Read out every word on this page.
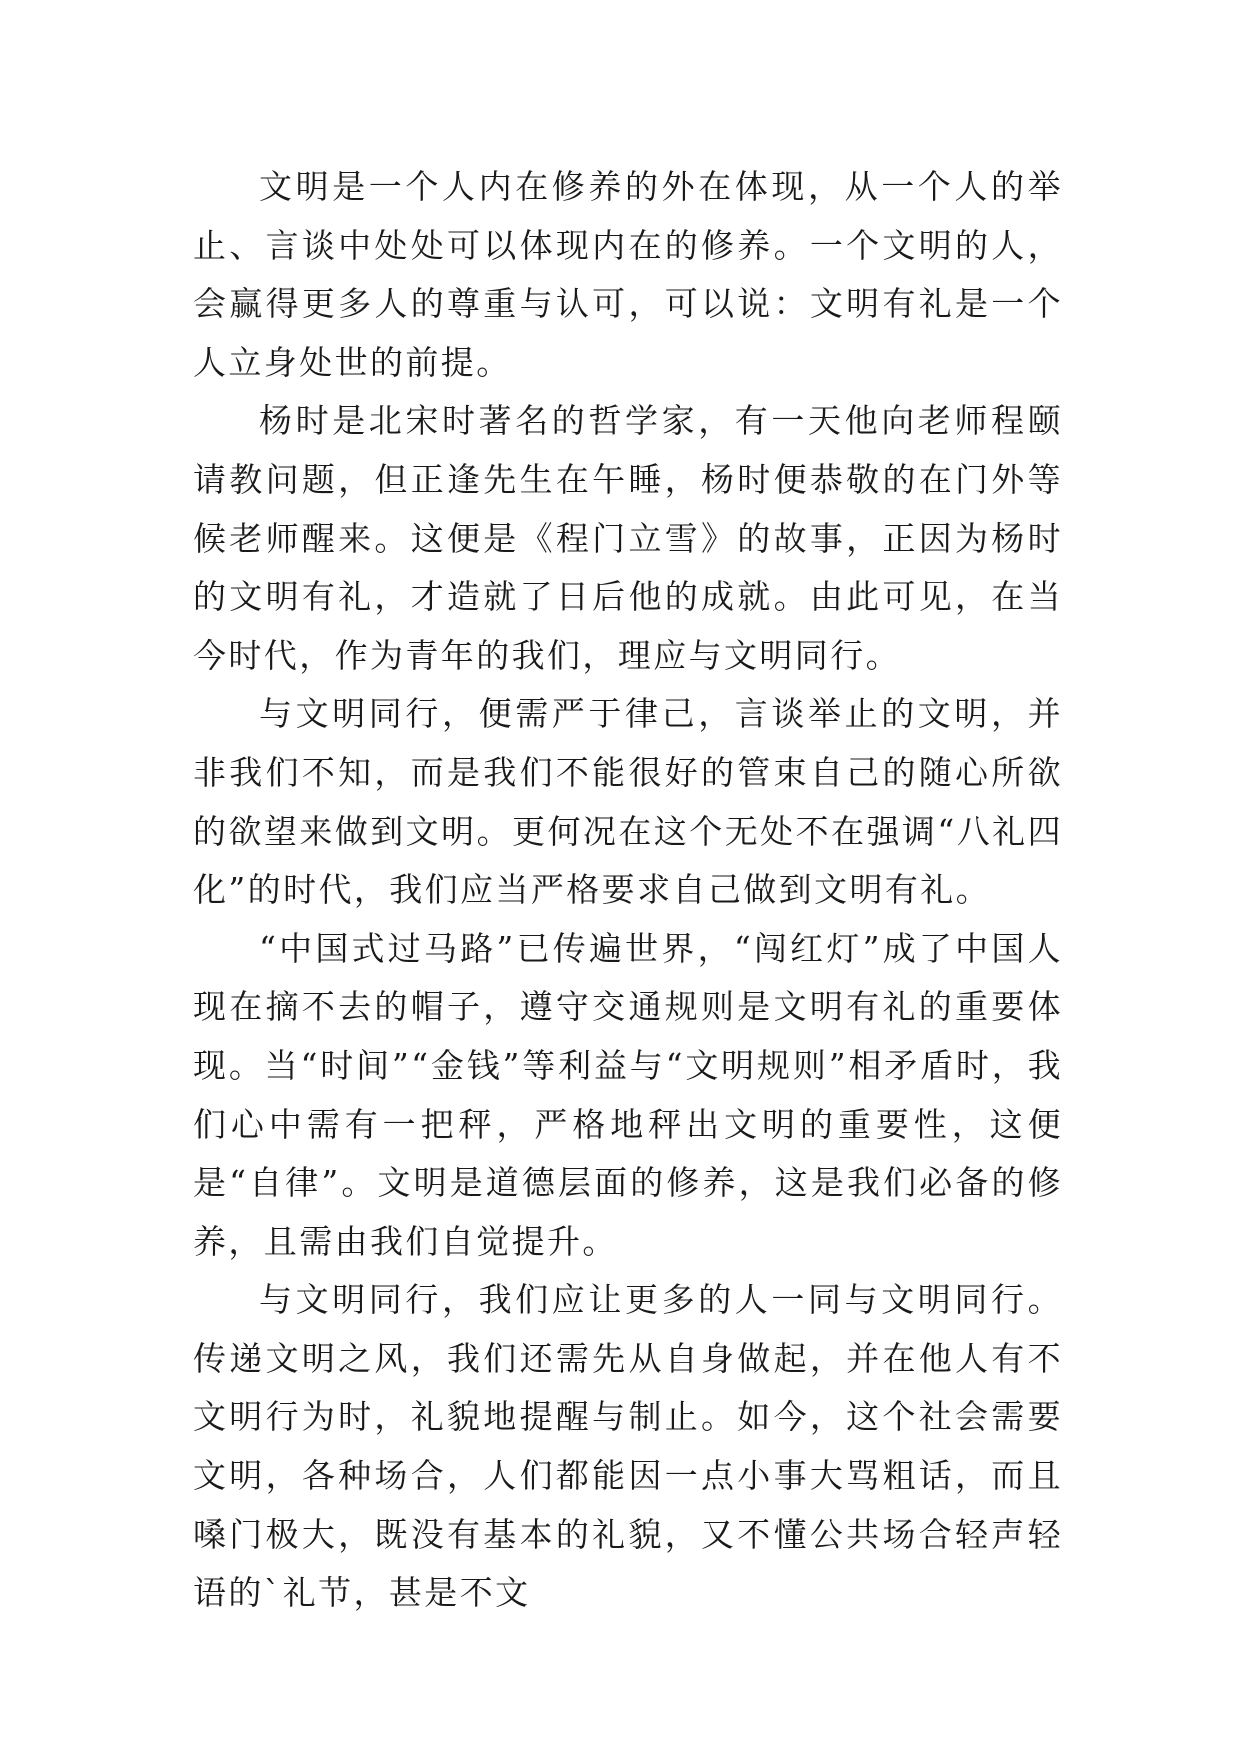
文明是一个人内在修养的外在体现，从一个人的举止、言谈中处处可以体现内在的修养。一个文明的人，会赢得更多人的尊重与认可，可以说：文明有礼是一个人立身处世的前提。

杨时是北宋时著名的哲学家，有一天他向老师程颐请教问题，但正逢先生在午睡，杨时便恭敬的在门外等候老师醒来。这便是《程门立雪》的故事，正因为杨时的文明有礼，才造就了日后他的成就。由此可见，在当今时代，作为青年的我们，理应与文明同行。

与文明同行，便需严于律己，言谈举止的文明，并非我们不知，而是我们不能很好的管束自己的随心所欲的欲望来做到文明。更何况在这个无处不在强调“八礼四化”的时代，我们应当严格要求自己做到文明有礼。

“中国式过马路”已传遍世界，“闯红灯”成了中国人现在摘不去的帽子，遵守交通规则是文明有礼的重要体现。当“时间”“金钱”等利益与“文明规则”相矛盾时，我们心中需有一把秤，严格地秤出文明的重要性，这便是“自律”。文明是道德层面的修养，这是我们必备的修养，且需由我们自觉提升。

与文明同行，我们应让更多的人一同与文明同行。传递文明之风，我们还需先从自身做起，并在他人有不文明行为时，礼貌地提醒与制止。如今，这个社会需要文明，各种场合，人们都能因一点小事大骂粗话，而且嗓门极大，既没有基本的礼貌，又不懂公共场合轻声轻语的`礼节，甚是不文
